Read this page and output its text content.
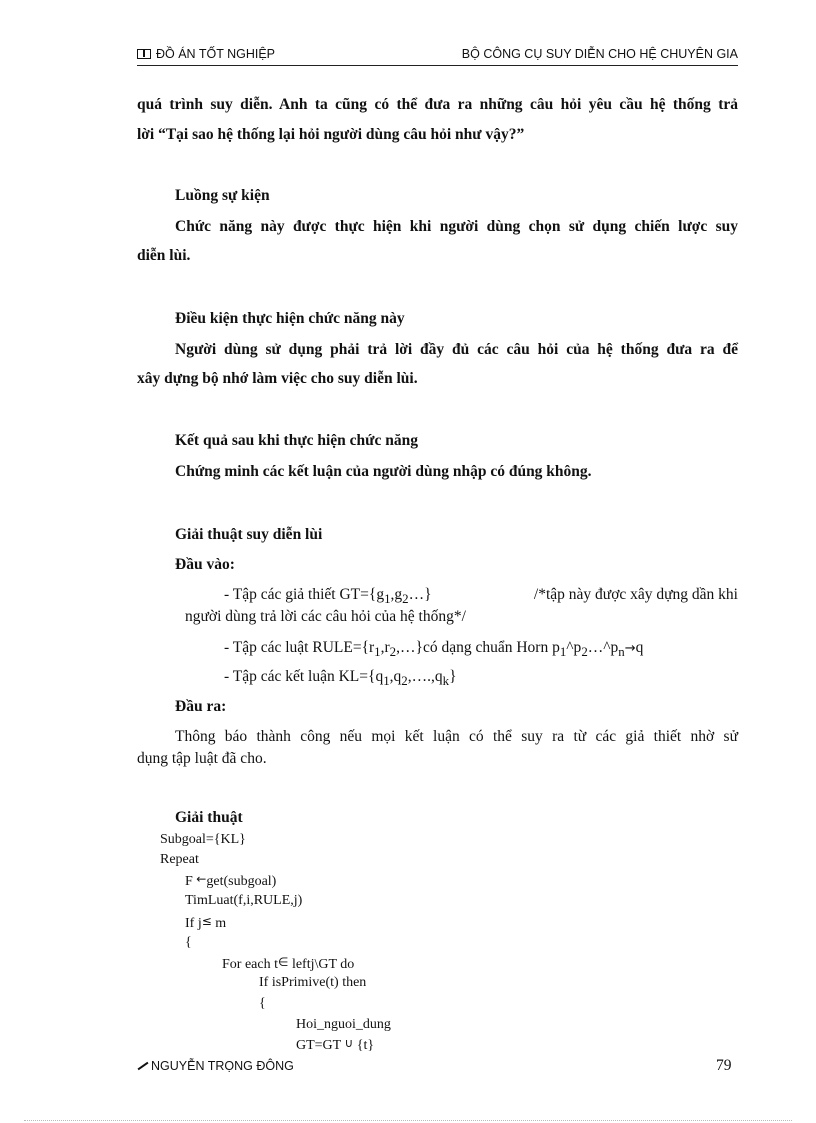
ĐỒ ÁN TỐT NGHIỆP	BỘ CÔNG CỤ SUY DIỄN CHO HỆ CHUYÊN GIA
quá trình suy diễn. Anh ta cũng có thể đưa ra những câu hỏi yêu cầu hệ thống trả
lời “Tại sao hệ thống lại hỏi người dùng câu hỏi như vậy?”
Luồng sự kiện
Chức năng này được thực hiện khi người dùng chọn sử dụng chiến lược suy
diễn lùi.
Điều kiện thực hiện chức năng này
Người dùng sử dụng phải trả lời đầy đủ các câu hỏi của hệ thống đưa ra để
xây dựng bộ nhớ làm việc cho suy diễn lùi.
Kết quả sau khi thực hiện chức năng
Chứng minh các kết luận của người dùng nhập có đúng không.
Giải thuật suy diễn lùi
Đầu vào:
- Tập các giả thiết $GT=\{g_1,g_2\dots\}$	/*tập này được xây dựng dần khi
người dùng trả lời các câu hỏi của hệ thống*/
- Tập các luật $RULE=\{r_1,r_2,\dots\}có$ dạng chuẩn Horn $p_1\^{}p_2\dots\^{}p_n\to q$
- Tập các kết luận $KL=\{q_1,q_2,\dots.,q_k\}$
Đầu ra:
Thông báo thành công nếu mọi kết luận có thể suy ra từ các giả thiết nhờ sử
dụng tập luật đã cho.
Giải thuật
Subgoal={KL}
Repeat
F ←get(subgoal)
TimLuat(f,i,RULE,j)
If j≤ m
{
For each t∈ leftj\GT do
If isPrimive(t) then
{
Hoi_nguoi_dung
GT=GT ∪ {t}
NGUYỄN TRỌNG ĐÔNG	79
